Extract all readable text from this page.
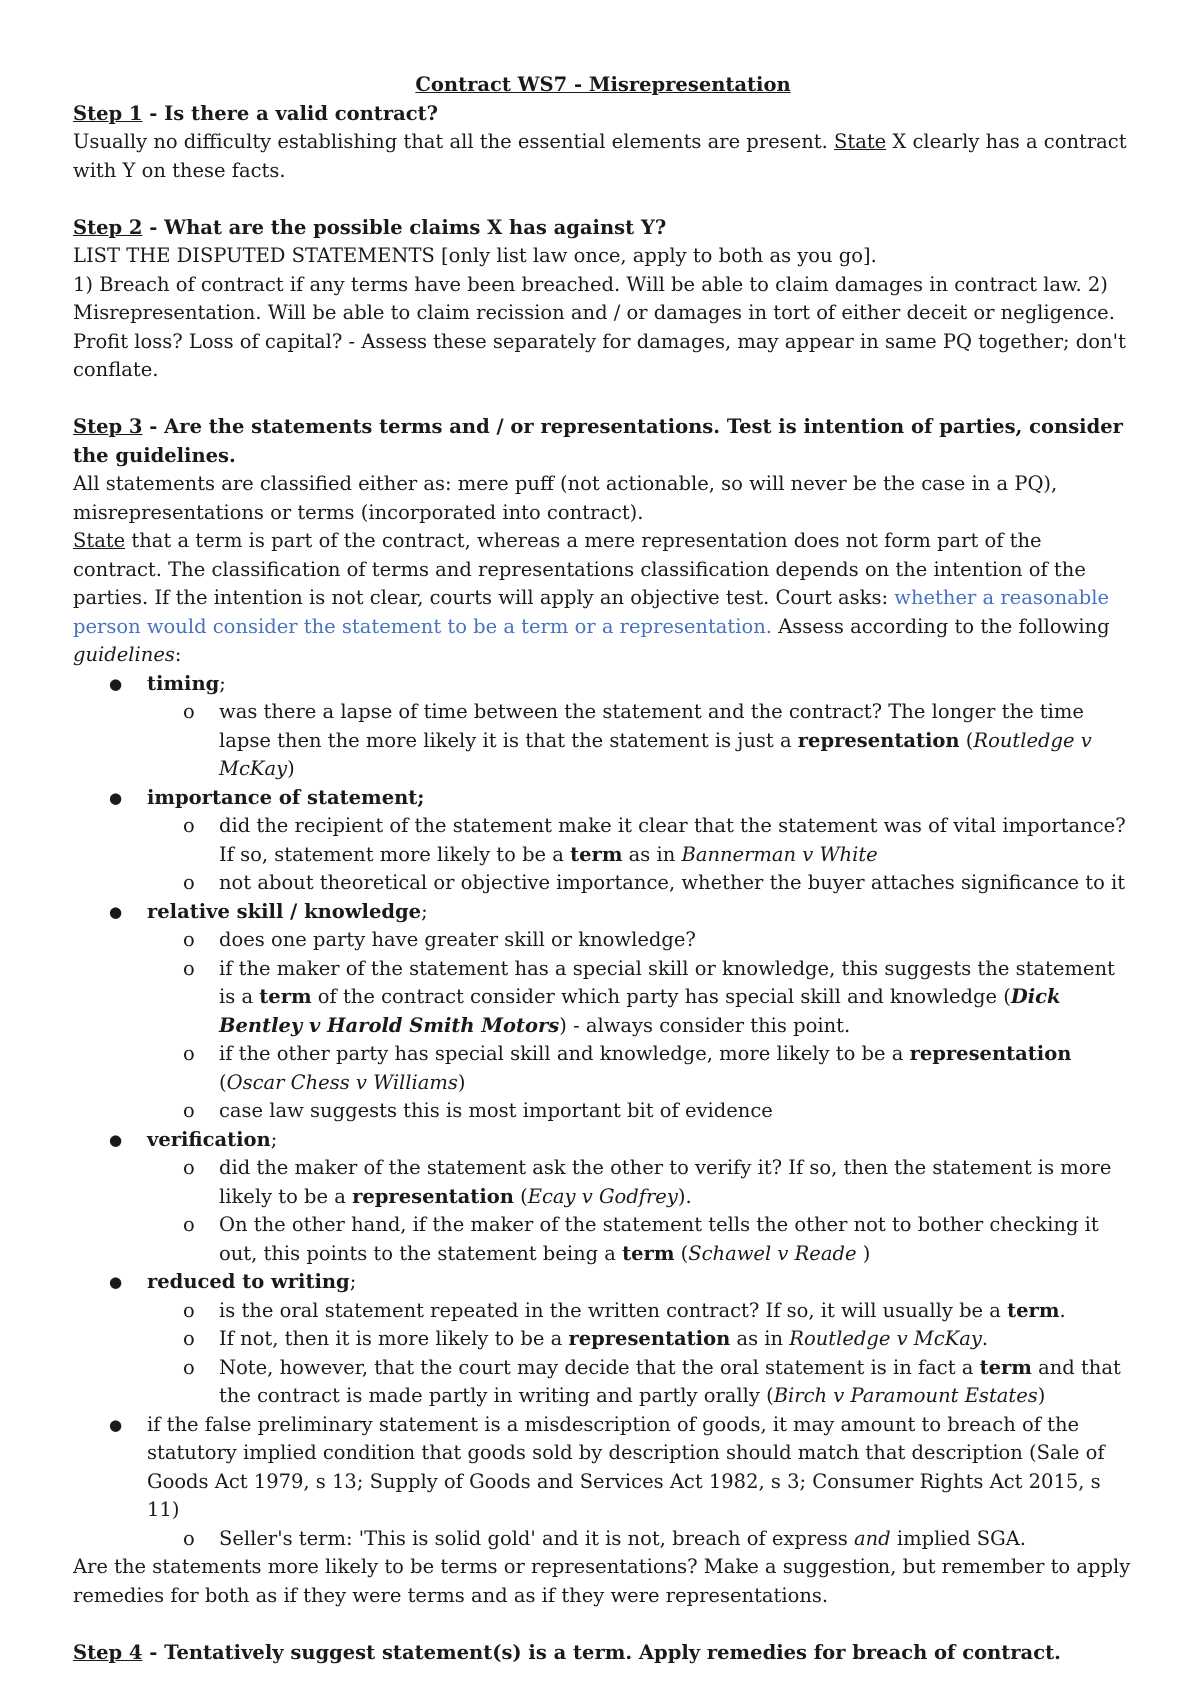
Contract WS7 - Misrepresentation

Step 1 - Is there a valid contract?

Usually no difficulty establishing that all the essential elements are present. State X clearly has a contract with Y on these facts.

Step 2 - What are the possible claims X has against Y?

LIST THE DISPUTED STATEMENTS [only list law once, apply to both as you go].

1) Breach of contract if any terms have been breached. Will be able to claim damages in contract law. 2) Misrepresentation. Will be able to claim recission and / or damages in tort of either deceit or negligence. Profit loss? Loss of capital? - Assess these separately for damages, may appear in same PQ together; don't conflate.

Step 3 - Are the statements terms and / or representations. Test is intention of parties, consider the guidelines.

All statements are classified either as: mere puff (not actionable, so will never be the case in a PQ), misrepresentations or terms (incorporated into contract).

State that a term is part of the contract, whereas a mere representation does not form part of the contract. The classification of terms and representations classification depends on the intention of the parties. If the intention is not clear, courts will apply an objective test. Court asks: whether a reasonable person would consider the statement to be a term or a representation. Assess according to the following guidelines:

● timing;
o was there a lapse of time between the statement and the contract? The longer the time lapse then the more likely it is that the statement is just a representation (Routledge v McKay)
● importance of statement;
o did the recipient of the statement make it clear that the statement was of vital importance? If so, statement more likely to be a term as in Bannerman v White
o not about theoretical or objective importance, whether the buyer attaches significance to it
● relative skill / knowledge;
o does one party have greater skill or knowledge?
o if the maker of the statement has a special skill or knowledge, this suggests the statement is a term of the contract consider which party has special skill and knowledge (Dick Bentley v Harold Smith Motors) - always consider this point.
o if the other party has special skill and knowledge, more likely to be a representation (Oscar Chess v Williams)
o case law suggests this is most important bit of evidence
● verification;
o did the maker of the statement ask the other to verify it? If so, then the statement is more likely to be a representation (Ecay v Godfrey).
o On the other hand, if the maker of the statement tells the other not to bother checking it out, this points to the statement being a term (Schawel v Reade )
● reduced to writing;
o is the oral statement repeated in the written contract? If so, it will usually be a term.
o If not, then it is more likely to be a representation as in Routledge v McKay.
o Note, however, that the court may decide that the oral statement is in fact a term and that the contract is made partly in writing and partly orally (Birch v Paramount Estates)
● if the false preliminary statement is a misdescription of goods, it may amount to breach of the statutory implied condition that goods sold by description should match that description (Sale of Goods Act 1979, s 13; Supply of Goods and Services Act 1982, s 3; Consumer Rights Act 2015, s 11)
o Seller's term: 'This is solid gold' and it is not, breach of express and implied SGA.

Are the statements more likely to be terms or representations? Make a suggestion, but remember to apply remedies for both as if they were terms and as if they were representations.

Step 4 - Tentatively suggest statement(s) is a term. Apply remedies for breach of contract.
